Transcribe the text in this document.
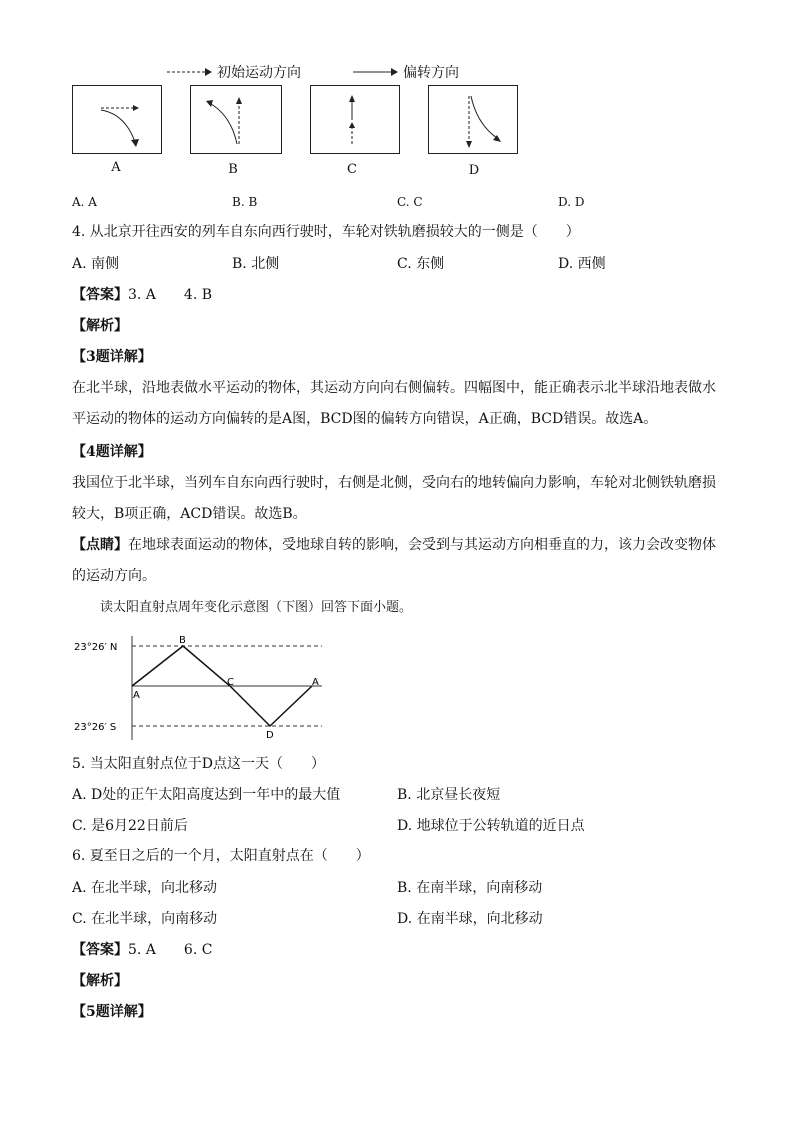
初始运动方向	偏转方向
A	B	C	D
A. A	B. B	C. C	D. D
4. 从北京开往西安的列车自东向西行驶时，车轮对铁轨磨损较大的一侧是（　　）
A. 南侧	B. 北侧	C. 东侧	D. 西侧
【答案】3. A　　4. B
【解析】
【3题详解】
在北半球，沿地表做水平运动的物体，其运动方向向右侧偏转。四幅图中，能正确表示北半球沿地表做水平运动的物体的运动方向偏转的是A图，BCD图的偏转方向错误，A正确，BCD错误。故选A。
【4题详解】
我国位于北半球，当列车自东向西行驶时，右侧是北侧，受向右的地转偏向力影响，车轮对北侧铁轨磨损较大，B项正确，ACD错误。故选B。
【点睛】在地球表面运动的物体，受地球自转的影响，会受到与其运动方向相垂直的力，该力会改变物体的运动方向。
读太阳直射点周年变化示意图（下图）回答下面小题。
23°26′ N
23°26′ S
A
B
C
D
A
5. 当太阳直射点位于D点这一天（　　）
A. D处的正午太阳高度达到一年中的最大值	B. 北京昼长夜短
C. 是6月22日前后	D. 地球位于公转轨道的近日点
6. 夏至日之后的一个月，太阳直射点在（　　）
A. 在北半球，向北移动	B. 在南半球，向南移动
C. 在北半球，向南移动	D. 在南半球，向北移动
【答案】5. A　　6. C
【解析】
【5题详解】
